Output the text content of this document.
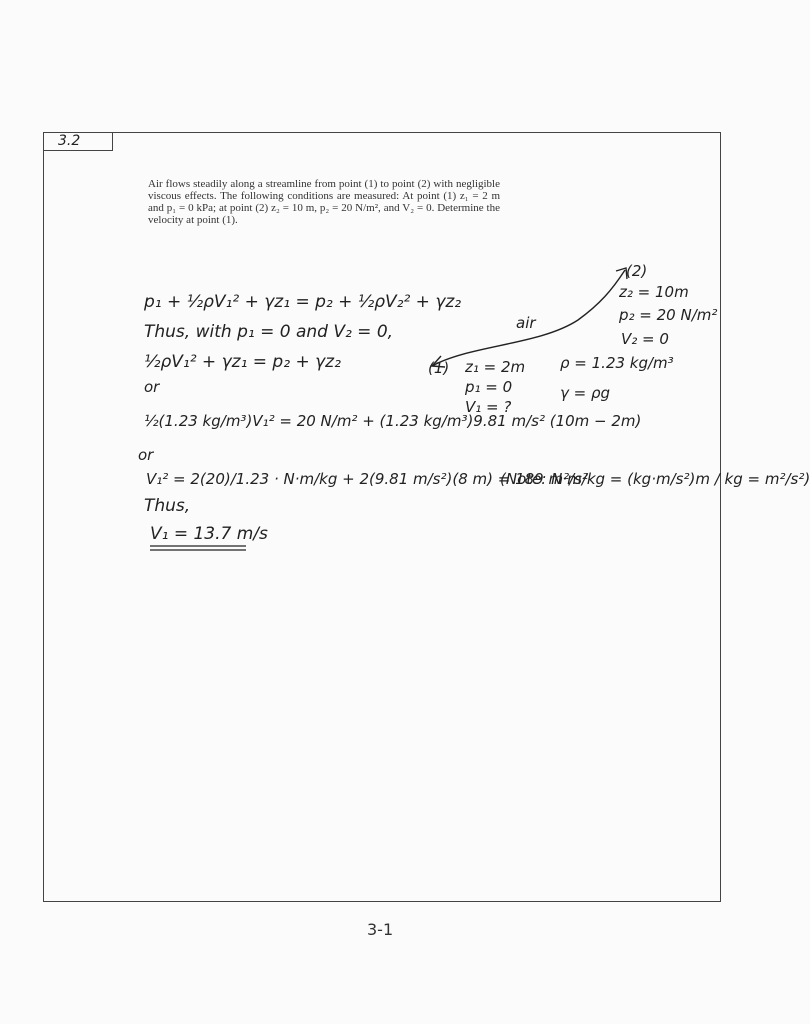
3.2
Air flows steadily along a streamline from point (1) to point (2) with negligible viscous effects. The following conditions are measured: At point (1) z₁ = 2 m and p₁ = 0 kPa; at point (2) z₂ = 10 m, p₂ = 20 N/m², and V₂ = 0. Determine the velocity at point (1).
p₁ + ½ρV₁² + γz₁ = p₂ + ½ρV₂² + γz₂
Thus, with p₁ = 0 and V₂ = 0,
½ρV₁² + γz₁ = p₂ + γz₂
or
½(1.23 kg/m³)V₁² = 20 N/m² + (1.23 kg/m³)9.81 m/s² (10m − 2m)
or
V₁² = 2(20)/1.23 · N·m/kg + 2(9.81 m/s²)(8 m) = 189 m²/s²
(Note: N·m/kg = (kg·m/s²)m / kg = m²/s²)
Thus,
V₁ = 13.7 m/s
(2)
z₂ = 10m
p₂ = 20 N/m²
V₂ = 0
air
(1) z₁ = 2m
p₁ = 0
V₁ = ?
ρ = 1.23 kg/m³
γ = ρg
3-1
